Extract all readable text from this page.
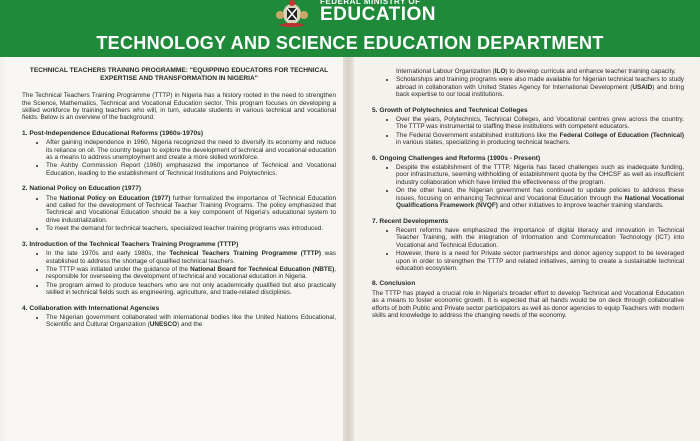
FEDERAL MINISTRY OF
EDUCATION
TECHNOLOGY AND SCIENCE EDUCATION DEPARTMENT
TECHNICAL TEACHERS TRAINING PROGRAMME: "EQUIPPING EDUCATORS FOR TECHNICAL EXPERTISE AND TRANSFORMATION IN NIGERIA"

The Technical Teachers Training Programme (TTTP) in Nigeria has a history rooted in the need to strengthen the Science, Mathematics, Technical and Vocational Education sector. This program focuses on developing a skilled workforce by training teachers who will, in turn, educate students in various technical and vocational fields. Below is an overview of the background:

1. Post-Independence Educational Reforms (1960s-1970s)
• After gaining independence in 1960, Nigeria recognized the need to diversify its economy and reduce its reliance on oil. The country began to explore the development of technical and vocational education as a means to address unemployment and create a more skilled workforce.
• The Ashby Commission Report (1960) emphasized the importance of Technical and Vocational Education, leading to the establishment of Technical Institutions and Polytechnics.
2. National Policy on Education (1977)
• The National Policy on Education (1977) further formalized the importance of Technical Education and called for the development of Technical Teacher Training Programs. The policy emphasized that Technical and Vocational Education should be a key component of Nigeria's educational system to drive industrialization.
• To meet the demand for technical teachers, specialized teacher training programs was introduced.
3. Introduction of the Technical Teachers Training Programme (TTTP)
• In the late 1970s and early 1980s, the Technical Teachers Training Programme (TTTP) was established to address the shortage of qualified technical teachers.
• The TTTP was initiated under the guidance of the National Board for Technical Education (NBTE), responsible for overseeing the development of technical and vocational education in Nigeria.
• The program aimed to produce teachers who are not only academically qualified but also practically skilled in technical fields such as engineering, agriculture, and trade-related disciplines.
4. Collaboration with International Agencies
• The Nigerian government collaborated with international bodies like the United Nations Educational, Scientific and Cultural Organization (UNESCO) and the
International Labour Organization (ILO) to develop curricula and enhance teacher training capacity.
• Scholarships and training programs were also made available for Nigerian technical teachers to study abroad in collaboration with United States Agency for International Development (USAID) and bring back expertise to our local institutions.
5. Growth of Polytechnics and Technical Colleges
• Over the years, Polytechnics, Technical Colleges, and Vocational centres grew across the country. The TTTP was instrumental to staffing these institutions with competent educators.
• The Federal Government established institutions like the Federal College of Education (Technical) in various states, specializing in producing technical teachers.
6. Ongoing Challenges and Reforms (1990s - Present)
• Despite the establishment of the TTTP, Nigeria has faced challenges such as inadequate funding, poor infrastructure, seeming withholding of establishment quota by the OHCSF as well as insufficient industry collaboration which have limited the effectiveness of the program.
• On the other hand, the Nigerian government has continued to update policies to address these issues, focusing on enhancing Technical and Vocational Education through the National Vocational Qualifications Framework (NVQF) and other initiatives to improve teacher training standards.
7. Recent Developments
• Recent reforms have emphasized the importance of digital literacy and innovation in Technical Teacher Training, with the integration of Information and Communication Technology (ICT) into Vocational and Technical Education.
• However, there is a need for Private sector partnerships and donor agency support to be leveraged upon in order to strengthen the TTTP and related initiatives, aiming to create a sustainable technical education ecosystem.
8. Conclusion

The TTTP has played a crucial role in Nigeria's broader effort to develop Technical and Vocational Education as a means to foster economic growth. It is expected that all hands would be on deck through collaborative efforts of both Public and Private sector participators as well as donor agencies to equip Teachers with modern skills and knowledge to address the changing needs of the economy.
